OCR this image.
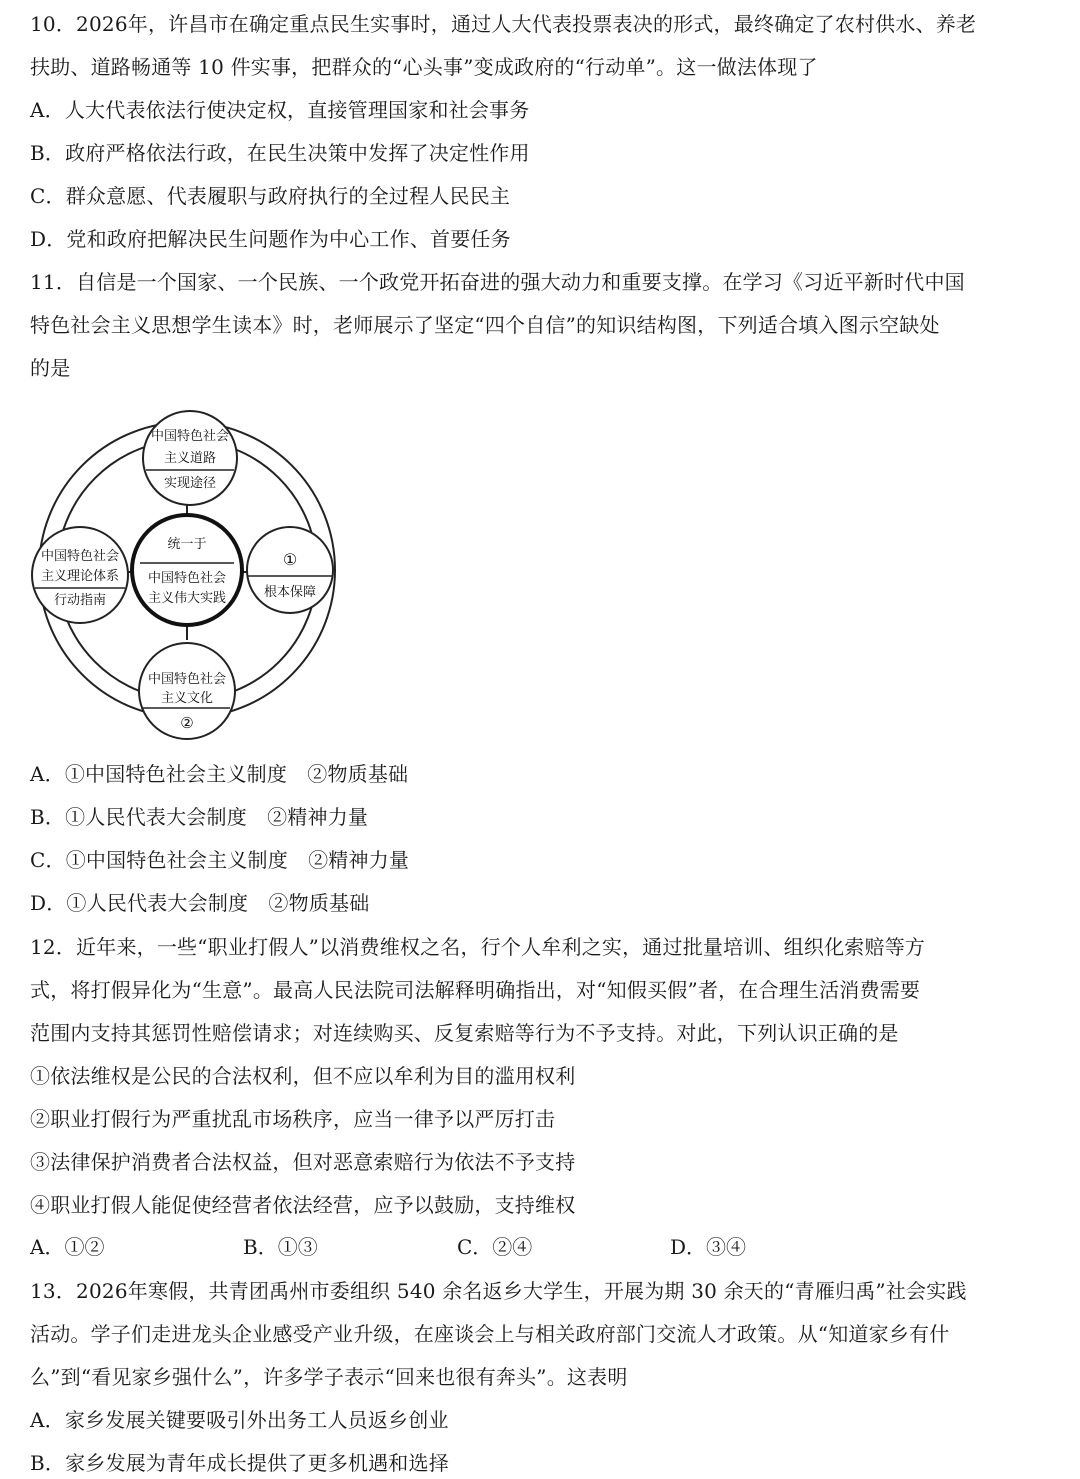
10．2026年，许昌市在确定重点民生实事时，通过人大代表投票表决的形式，最终确定了农村供水、养老
扶助、道路畅通等 10 件实事，把群众的“心头事”变成政府的“行动单”。这一做法体现了
A．人大代表依法行使决定权，直接管理国家和社会事务
B．政府严格依法行政，在民生决策中发挥了决定性作用
C．群众意愿、代表履职与政府执行的全过程人民民主
D．党和政府把解决民生问题作为中心工作、首要任务
11．自信是一个国家、一个民族、一个政党开拓奋进的强大动力和重要支撑。在学习《习近平新时代中国
特色社会主义思想学生读本》时，老师展示了坚定“四个自信”的知识结构图，下列适合填入图示空缺处
的是
统一于
中国特色社会
主义伟大实践
中国特色社会
主义道路
实现途径
中国特色社会
主义理论体系
行动指南
①
根本保障
中国特色社会
主义文化
②
A．①中国特色社会主义制度　②物质基础
B．①人民代表大会制度　②精神力量
C．①中国特色社会主义制度　②精神力量
D．①人民代表大会制度　②物质基础
12．近年来，一些“职业打假人”以消费维权之名，行个人牟利之实，通过批量培训、组织化索赔等方
式，将打假异化为“生意”。最高人民法院司法解释明确指出，对“知假买假”者，在合理生活消费需要
范围内支持其惩罚性赔偿请求；对连续购买、反复索赔等行为不予支持。对此，下列认识正确的是
①依法维权是公民的合法权利，但不应以牟利为目的滥用权利
②职业打假行为严重扰乱市场秩序，应当一律予以严厉打击
③法律保护消费者合法权益，但对恶意索赔行为依法不予支持
④职业打假人能促使经营者依法经营，应予以鼓励，支持维权
A．①②	B．①③	C．②④	D．③④
13．2026年寒假，共青团禹州市委组织 540 余名返乡大学生，开展为期 30 余天的“青雁归禹”社会实践
活动。学子们走进龙头企业感受产业升级，在座谈会上与相关政府部门交流人才政策。从“知道家乡有什
么”到“看见家乡强什么”，许多学子表示“回来也很有奔头”。这表明
A．家乡发展关键要吸引外出务工人员返乡创业
B．家乡发展为青年成长提供了更多机遇和选择
